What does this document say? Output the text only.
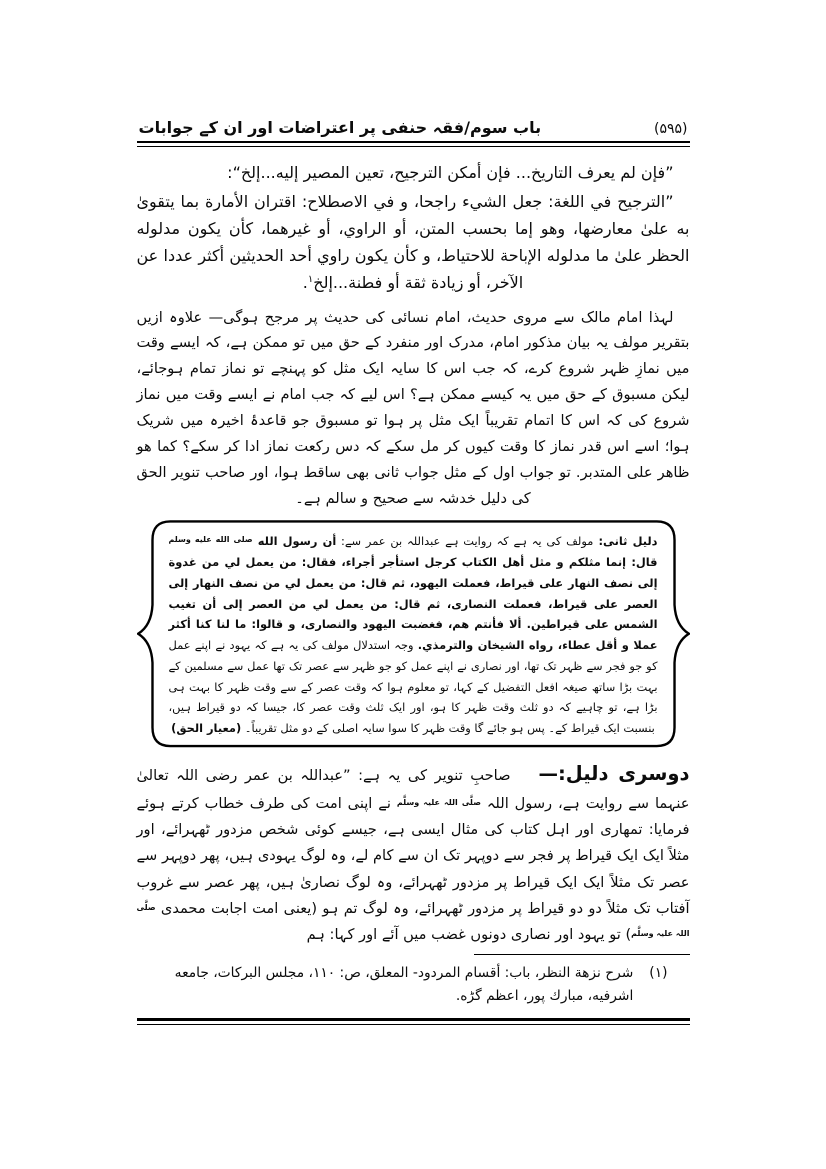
(۵۹۵)
باب سوم/فقہ حنفی پر اعتراضات اور ان کے جوابات
”فإن لم يعرف التاريخ... فإن أمكن الترجيح، تعين المصير إليه...إلخ“:
”الترجيح في اللغة: جعل الشيء راجحا، و في الاصطلاح: اقتران الأمارة بما يتقوىٰ به علىٰ معارضها، وهو إما بحسب المتن، أو الراوي، أو غيرهما، كأن يكون مدلوله الحظر علىٰ ما مدلوله الإباحة للاحتياط، و كأن يكون راوي أحد الحديثين أكثر عددا عن الآخر، أو زيادة ثقة أو فطنة...إلخ$^۱$.
لہذا امام مالک سے مروی حدیث، امام نسائی کی حدیث پر مرجح ہوگی— علاوہ ازیں بتقریر مولف یہ بیان مذکور امام، مدرک اور منفرد کے حق میں تو ممکن ہے، کہ ایسے وقت میں نمازِ ظہر شروع کرے، کہ جب اس کا سایہ ایک مثل کو پہنچے تو نماز تمام ہوجائے، لیکن مسبوق کے حق میں یہ کیسے ممکن ہے؟ اس لیے کہ جب امام نے ایسے وقت میں نماز شروع کی کہ اس کا اتمام تقریباً ایک مثل پر ہوا تو مسبوق جو قاعدۂ اخیرہ میں شریک ہوا؛ اسے اس قدر نماز کا وقت کیوں کر مل سکے کہ دس رکعت نماز ادا کر سکے؟ كما هو ظاهر على المتدبر. تو جواب اول کے مثل جواب ثانی بھی ساقط ہوا، اور صاحب تنویر الحق کی دلیل خدشہ سے صحیح و سالم ہے۔
دلیل ثانی: مولف کی یہ ہے کہ روایت ہے عبداللہ بن عمر سے: أن رسول الله $^{صلى الله عليه وسلم}$ قال: إنما مثلكم و مثل أهل الكتاب كرجل استأجر أجراء، فقال: من يعمل لي من غدوة إلى نصف النهار على قيراط، فعملت اليهود، ثم قال: من يعمل لي من نصف النهار إلى العصر على قيراط، فعملت النصارى، ثم قال: من يعمل لي من العصر إلى أن تغيب الشمس على قيراطين. ألا فأنتم هم، فغضبت اليهود والنصارى، و قالوا: ما لنا كنا أكثر عملا و أقل عطاء، رواه الشيخان والترمذي. وجہ استدلال مولف کی یہ ہے کہ یہود نے اپنے عمل کو جو فجر سے ظہر تک تھا، اور نصاری نے اپنے عمل کو جو ظہر سے عصر تک تھا عمل سے مسلمین کے بہت بڑا ساتھ صیغہ افعل التفضیل کے کہا، تو معلوم ہوا کہ وقت عصر کے سے وقت ظہر کا بہت ہی بڑا ہے، تو چاہیے کہ دو ثلث وقت ظہر کا ہو، اور ایک ثلث وقت عصر کا، جیسا کہ دو قیراط ہیں، بنسبت ایک قیراط کے۔ پس ہو جائے گا وقت ظہر کا سوا سایہ اصلی کے دو مثل تقریباً۔ (معیار الحق)
دوسری دلیل:—صاحبِ تنویر کی یہ ہے: ”عبداللہ بن عمر رضی اللہ تعالیٰ عنہما سے روایت ہے، رسول اللہ $^{صلَّی اللہ علیہ وسلَّم}$ نے اپنی امت کی طرف خطاب کرتے ہوئے فرمایا: تمھاری اور اہل کتاب کی مثال ایسی ہے، جیسے کوئی شخص مزدور ٹھہرائے، اور مثلاً ایک ایک قیراط پر فجر سے دوپہر تک ان سے کام لے، وہ لوگ یہودی ہیں، پھر دوپہر سے عصر تک مثلاً ایک ایک قیراط پر مزدور ٹھہرائے، وہ لوگ نصاریٰ ہیں، پھر عصر سے غروب آفتاب تک مثلاً دو دو قیراط پر مزدور ٹھہرائے، وہ لوگ تم ہو (یعنی امت اجابت محمدی $^{صلَّی اللہ علیہ وسلَّم}$) تو یہود اور نصاری دونوں غضب میں آئے اور کہا: ہم
(۱)
شرح نزهة النظر، باب: أقسام المردود- المعلق، ص: ۱۱۰، مجلس البركات، جامعه اشرفيه، مبارك پور، اعظم گڑه.
